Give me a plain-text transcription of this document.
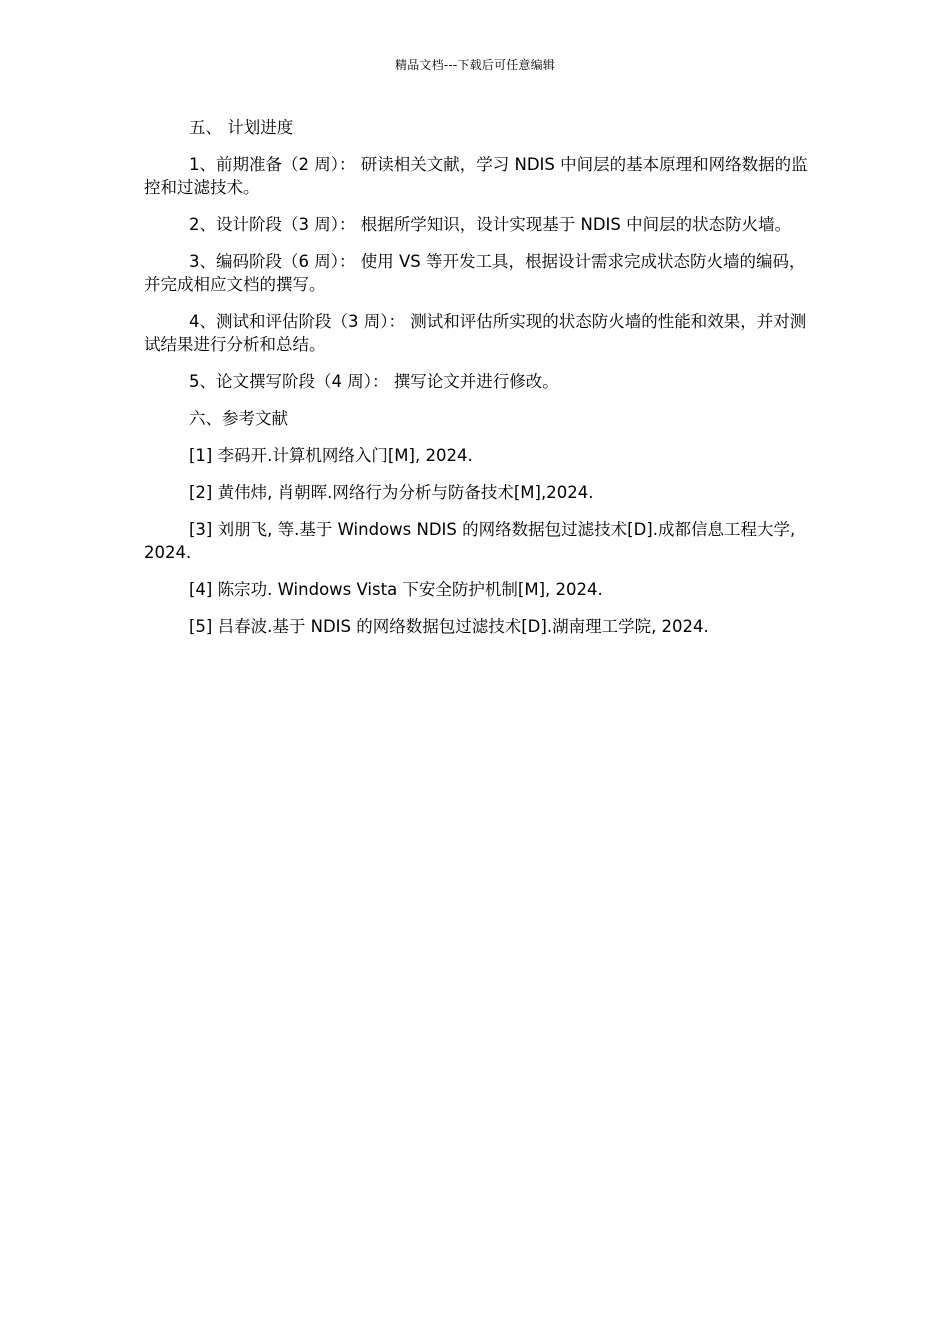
精品文档---下载后可任意编辑

五、 计划进度

1、前期准备（2 周）： 研读相关文献，学习 NDIS 中间层的基本原理和网络数据的监控和过滤技术。

2、设计阶段（3 周）： 根据所学知识，设计实现基于 NDIS 中间层的状态防火墙。

3、编码阶段（6 周）： 使用 VS 等开发工具，根据设计需求完成状态防火墙的编码，并完成相应文档的撰写。

4、测试和评估阶段（3 周）： 测试和评估所实现的状态防火墙的性能和效果，并对测试结果进行分析和总结。

5、论文撰写阶段（4 周）： 撰写论文并进行修改。

六、参考文献

[1] 李码开.计算机网络入门[M], 2024.

[2] 黄伟炜, 肖朝晖.网络行为分析与防备技术[M],2024.

[3] 刘朋飞, 等.基于 Windows NDIS 的网络数据包过滤技术[D].成都信息工程大学, 2024.

[4] 陈宗功. Windows Vista 下安全防护机制[M], 2024.

[5] 吕春波.基于 NDIS 的网络数据包过滤技术[D].湖南理工学院, 2024.
